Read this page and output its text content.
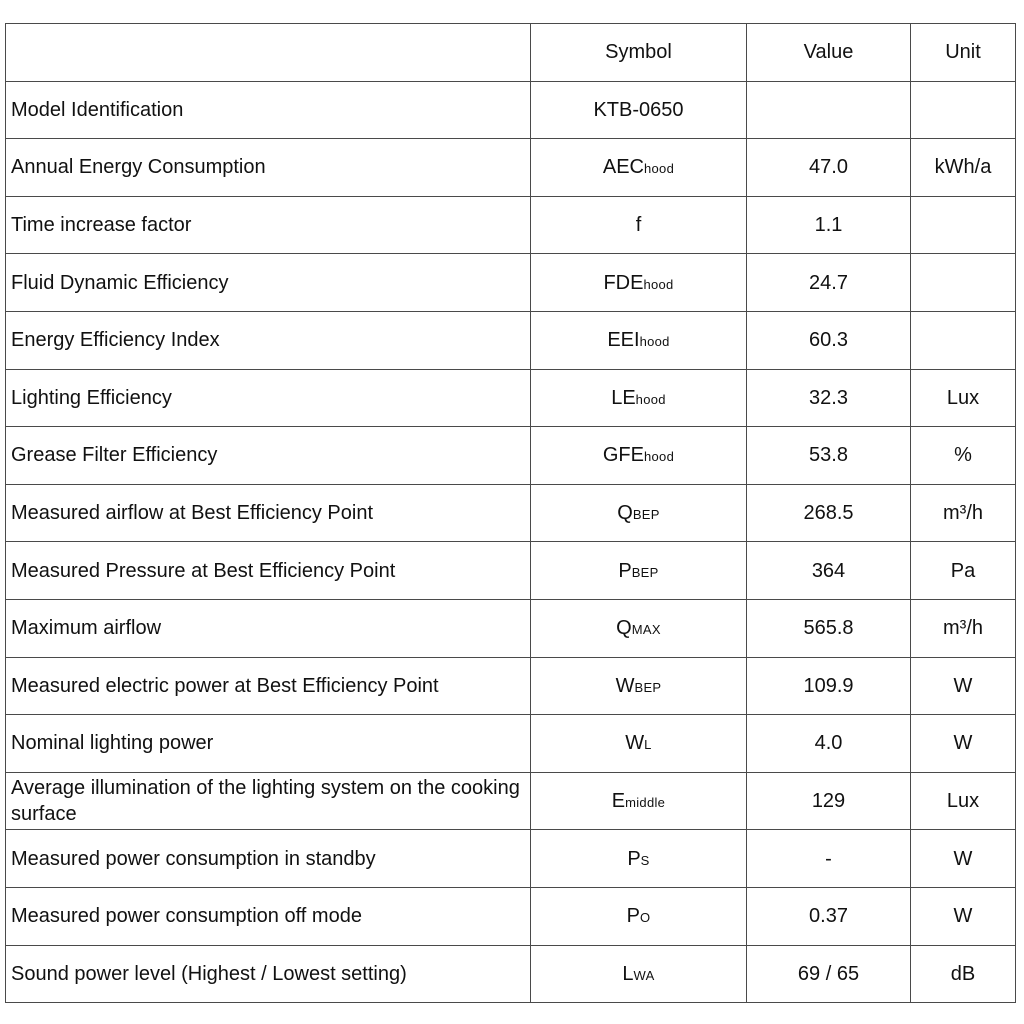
	Symbol	Value	Unit
Model Identification	KTB-0650		
Annual Energy Consumption	AEChood	47.0	kWh/a
Time increase factor	f	1.1	
Fluid Dynamic Efficiency	FDEhood	24.7	
Energy Efficiency Index	EEIhood	60.3	
Lighting Efficiency	LEhood	32.3	Lux
Grease Filter Efficiency	GFEhood	53.8	%
Measured airflow at Best Efficiency Point	QBEP	268.5	m³/h
Measured Pressure at Best Efficiency Point	PBEP	364	Pa
Maximum airflow	QMAX	565.8	m³/h
Measured electric power at Best Efficiency Point	WBEP	109.9	W
Nominal lighting power	WL	4.0	W
Average illumination of the lighting system on the cooking surface	Emiddle	129	Lux
Measured power consumption in standby	PS	-	W
Measured power consumption off mode	PO	0.37	W
Sound power level (Highest / Lowest setting)	LWA	69 / 65	dB
